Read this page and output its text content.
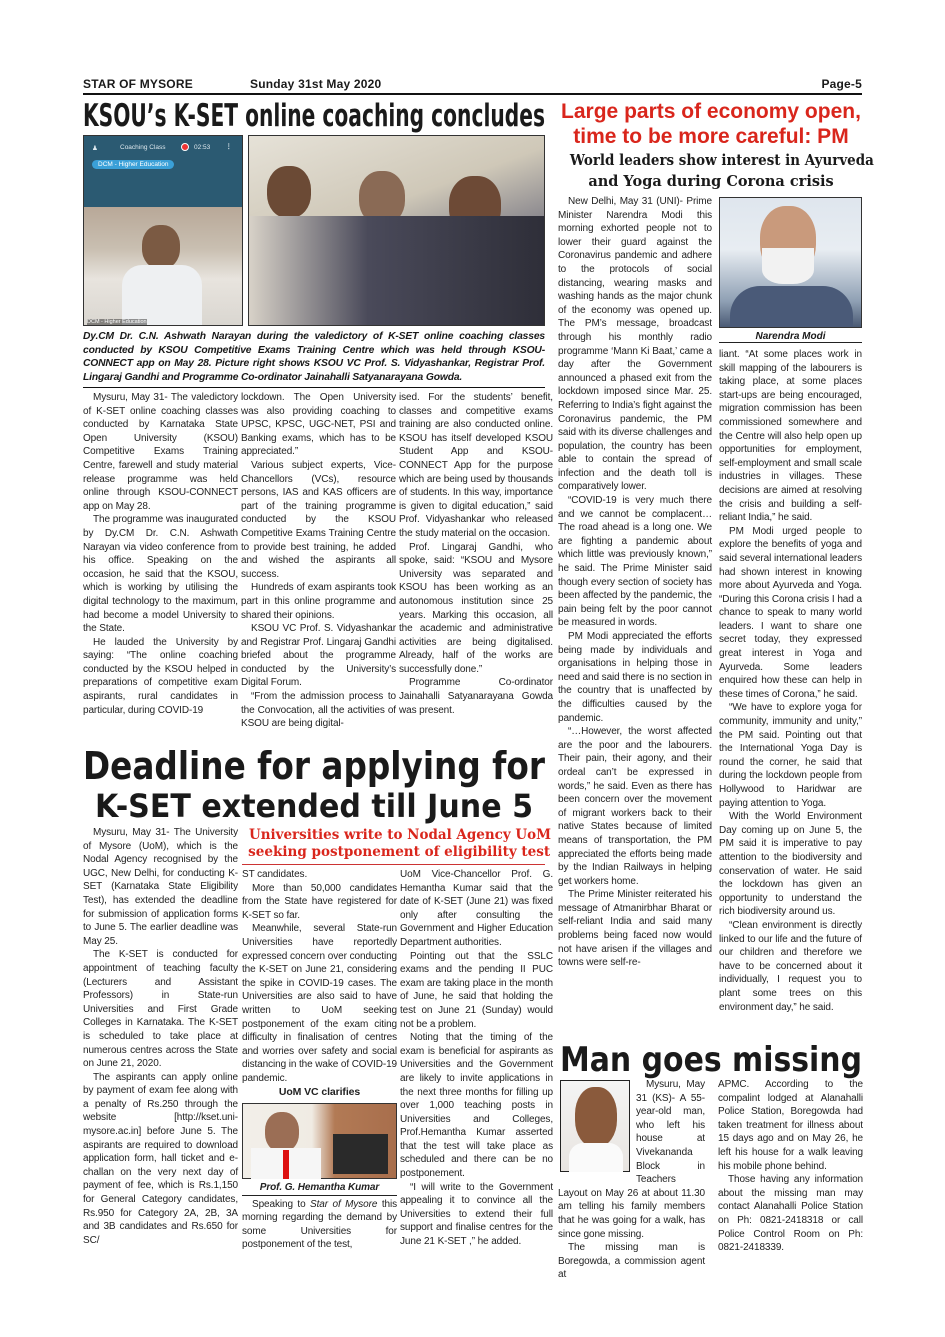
STAR OF MYSORE	Sunday 31st May 2020	Page-5
KSOU’s K-SET online coaching concludes
♟	Coaching Class	02:53 ⋮
DCM - Higher Education
DCM - Higher Education
Dy.CM Dr. C.N. Ashwath Narayan during the valedictory of K-SET online coaching classes conducted by KSOU Competitive Exams Training Centre which was held through KSOU-CONNECT app on May 28. Picture right shows KSOU VC Prof. S. Vidyashankar, Registrar Prof. Lingaraj Gandhi and Programme Co-ordinator Jainahalli Satyanarayana Gowda.

Mysuru, May 31- The valedictory of K-SET online coaching classes conducted by Karnataka State Open University (KSOU) Competitive Exams Training Centre, farewell and study material release programme was held online through KSOU-CONNECT app on May 28.

The programme was inaugurated by Dy.CM Dr. C.N. Ashwath Narayan via video conference from his office. Speaking on the occasion, he said that the KSOU, which is working by utilising the digital technology to the maximum, had become a model University to the State.

He lauded the University by saying: “The online coaching conducted by the KSOU helped in preparations of competitive exam aspirants, rural candidates in particular, during COVID-19

lockdown. The Open University was also providing coaching to UPSC, KPSC, UGC-NET, PSI and Banking exams, which has to be appreciated.”

Various subject experts, Vice-Chancellors (VCs), resource persons, IAS and KAS officers are part of the training programme conducted by the KSOU Competitive Exams Training Centre to provide best training, he added and wished the aspirants all success.

Hundreds of exam aspirants took part in this online programme and shared their opinions.

KSOU VC Prof. S. Vidyashankar and Registrar Prof. Lingaraj Gandhi briefed about the programme conducted by the University’s Digital Forum.

“From the admission process to the Convocation, all the activities of KSOU are being digital-

ised. For the students’ benefit, classes and competitive exams training are also conducted online. KSOU has itself developed KSOU Student App and KSOU-CONNECT App for the purpose which are being used by thousands of students. In this way, importance is given to digital education,” said Prof. Vidyashankar who released the study material on the occasion.

Prof. Lingaraj Gandhi, who spoke, said: “KSOU and Mysore University was separated and KSOU has been working as an autonomous institution since 25 years. Marking this occasion, all the academic and administrative activities are being digitalised. Already, half of the works are successfully done.”

Programme Co-ordinator Jainahalli Satyanarayana Gowda was present.

Deadline for applying for
K-SET extended till June 5

Mysuru, May 31- The University of Mysore (UoM), which is the Nodal Agency recognised by the UGC, New Delhi, for conducting K-SET (Karnataka State Eligibility Test), has extended the deadline for submission of application forms to June 5. The earlier deadline was May 25.

The K-SET is conducted for appointment of teaching faculty (Lecturers and Assistant Professors) in State-run Universities and First Grade Colleges in Karnataka. The K-SET is scheduled to take place at numerous centres across the State on June 21, 2020.

The aspirants can apply online by payment of exam fee along with a penalty of Rs.250 through the website [http://kset.uni-mysore.ac.in] before June 5. The aspirants are required to download application form, hall ticket and e-challan on the very next day of payment of fee, which is Rs.1,150 for General Category candidates, Rs.950 for Category 2A, 2B, 3A and 3B candidates and Rs.650 for SC/

Universities write to Nodal Agency UoM
seeking postponement of eligibility test

ST candidates.

More than 50,000 candidates from the State have registered for K-SET so far.

Meanwhile, several State-run Universities have reportedly expressed concern over conducting the K-SET on June 21, considering the spike in COVID-19 cases. The Universities are also said to have written to UoM seeking postponement of the exam citing difficulty in finalisation of centres and worries over safety and social distancing in the wake of COVID-19 pandemic.

UoM VC clarifies
Prof. G. Hemantha Kumar

Speaking to Star of Mysore this morning regarding the demand by some Universities for postponement of the test,

UoM Vice-Chancellor Prof. G. Hemantha Kumar said that the date of K-SET (June 21) was fixed only after consulting the Government and Higher Education Department authorities.

Pointing out that the SSLC exams and the pending II PUC exam are taking place in the month of June, he said that holding the test on June 21 (Sunday) would not be a problem.

Noting that the timing of the exam is beneficial for aspirants as Universities and the Government are likely to invite applications in the next three months for filling up over 1,000 teaching posts in Universities and Colleges, Prof.Hemantha Kumar asserted that the test will take place as scheduled and there can be no postponement.

“I will write to the Government appealing it to convince all the Universities to extend their full support and finalise centres for the June 21 K-SET ,” he added.

Large parts of economy open,
time to be more careful: PM
World leaders show interest in Ayurveda
and Yoga during Corona crisis

New Delhi, May 31 (UNI)- Prime Minister Narendra Modi this morning exhorted people not to lower their guard against the Coronavirus pandemic and adhere to the protocols of social distancing, wearing masks and washing hands as the major chunk of the economy was opened up. The PM’s message, broadcast through his monthly radio programme ‘Mann Ki Baat,’ came a day after the Government announced a phased exit from the lockdown imposed since Mar. 25. Referring to India’s fight against the Coronavirus pandemic, the PM said with its diverse challenges and population, the country has been able to contain the spread of infection and the death toll is comparatively lower.

“COVID-19 is very much there and we cannot be complacent… The road ahead is a long one. We are fighting a pandemic about which little was previously known,” he said. The Prime Minister said though every section of society has been affected by the pandemic, the pain being felt by the poor cannot be measured in words.

PM Modi appreciated the efforts being made by individuals and organisations in helping those in need and said there is no section in the country that is unaffected by the difficulties caused by the pandemic.

“…However, the worst affected are the poor and the labourers. Their pain, their agony, and their ordeal can’t be expressed in words,” he said. Even as there has been concern over the movement of migrant workers back to their native States because of limited means of transportation, the PM appreciated the efforts being made by the Indian Railways in helping get workers home.

The Prime Minister reiterated his message of Atmanirbhar Bharat or self-reliant India and said many problems being faced now would not have arisen if the villages and towns were self-re-

Narendra Modi

liant. “At some places work in skill mapping of the labourers is taking place, at some places start-ups are being encouraged, migration commission has been commissioned somewhere and the Centre will also help open up opportunities for employment, self-employment and small scale industries in villages. These decisions are aimed at resolving the crisis and building a self-reliant India,” he said.

PM Modi urged people to explore the benefits of yoga and said several international leaders had shown interest in knowing more about Ayurveda and Yoga. “During this Corona crisis I had a chance to speak to many world leaders. I want to share one secret today, they expressed great interest in Yoga and Ayurveda. Some leaders enquired how these can help in these times of Corona,” he said.

“We have to explore yoga for community, immunity and unity,” the PM said. Pointing out that the International Yoga Day is round the corner, he said that during the lockdown people from Hollywood to Haridwar are paying attention to Yoga.

With the World Environment Day coming up on June 5, the PM said it is imperative to pay attention to the biodiversity and conservation of water. He said the lockdown has given an opportunity to understand the rich biodiversity around us.

“Clean environment is directly linked to our life and the future of our children and therefore we have to be concerned about it individually, I request you to plant some trees on this environment day,” he said.

Man goes missing

Mysuru, May 31 (KS)- A 55-year-old man, who left his house at Vivekananda Block in Teachers Layout on May 26 at about 11.30 am telling his family members that he was going for a walk, has since gone missing.

The missing man is Boregowda, a commission agent at

APMC. According to the compalint lodged at Alanahalli Police Station, Boregowda had taken treatment for illness about 15 days ago and on May 26, he left his house for a walk leaving his mobile phone behind.

Those having any information about the missing man may contact Alanahalli Police Station on Ph: 0821-2418318 or call Police Control Room on Ph: 0821-2418339.
